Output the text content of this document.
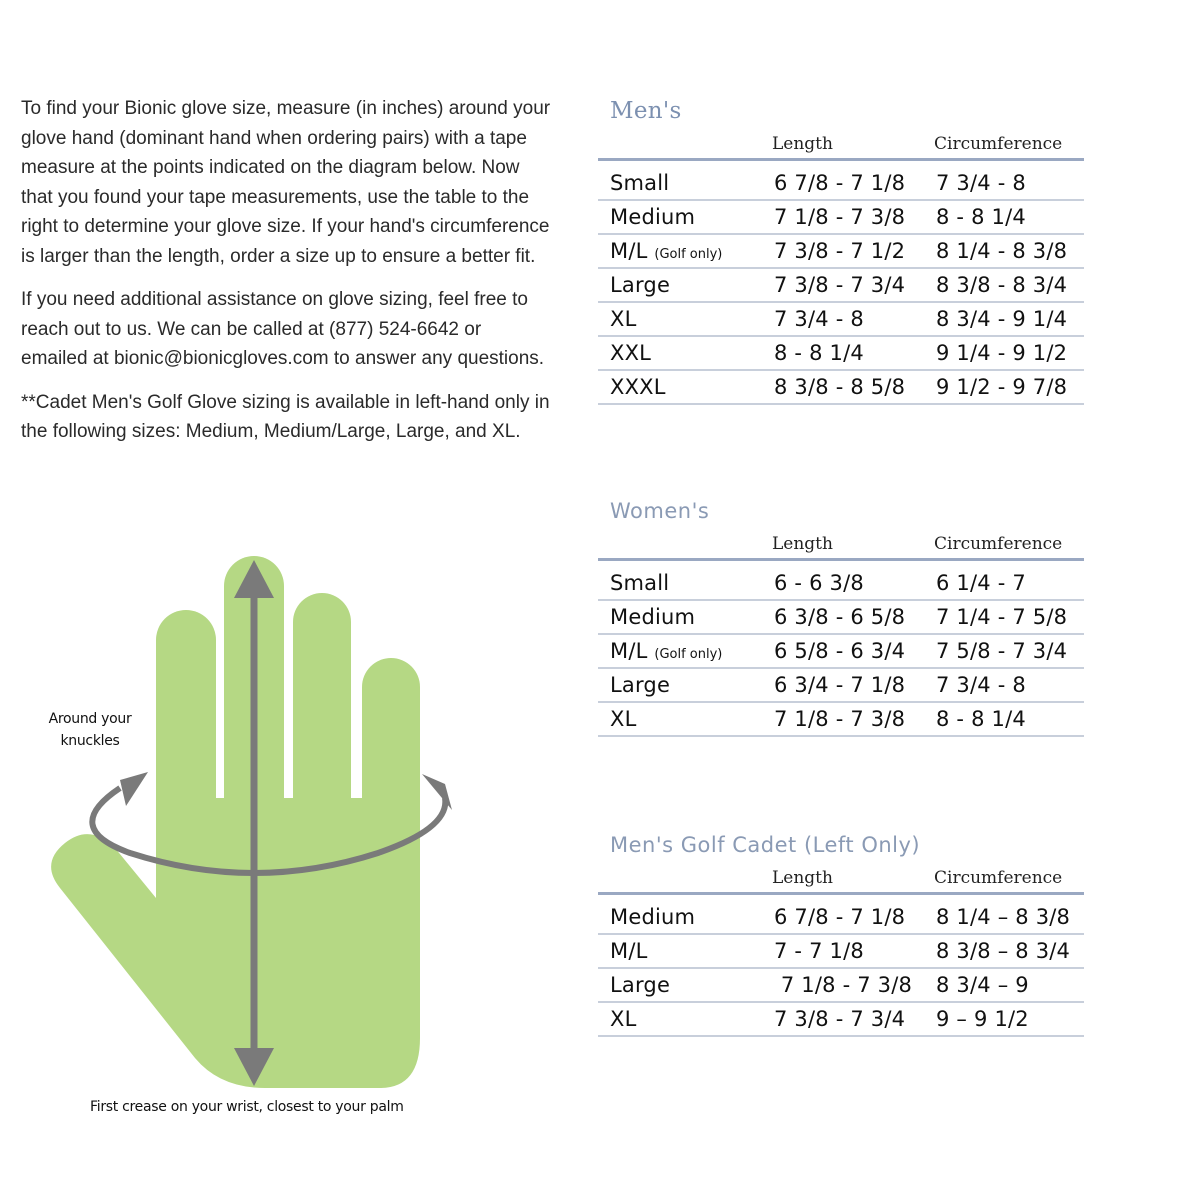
To find your Bionic glove size, measure (in inches) around your glove hand (dominant hand when ordering pairs) with a tape measure at the points indicated on the diagram below. Now that you found your tape measurements, use the table to the right to determine your glove size. If your hand's circumference is larger than the length, order a size up to ensure a better fit.

If you need additional assistance on glove sizing, feel free to reach out to us. We can be called at (877) 524-6642 or emailed at bionic@bionicgloves.com to answer any questions.

**Cadet Men's Golf Glove sizing is available in left-hand only in the following sizes: Medium, Medium/Large, Large, and XL.

Around your
knuckles
First crease on your wrist, closest to your palm
Men's
Length	Circumference
Small	6 7/8 - 7 1/8	7 3/4 - 8
Medium	7 1/8 - 7 3/8	8 - 8 1/4
M/L (Golf only)	7 3/8 - 7 1/2	8 1/4 - 8 3/8
Large	7 3/8 - 7 3/4	8 3/8 - 8 3/4
XL	7 3/4 - 8	8 3/4 - 9 1/4
XXL	8 - 8 1/4	9 1/4 - 9 1/2
XXXL	8 3/8 - 8 5/8	9 1/2 - 9 7/8
Women's
Length	Circumference
Small	6 - 6 3/8	6 1/4 - 7
Medium	6 3/8 - 6 5/8	7 1/4 - 7 5/8
M/L (Golf only)	6 5/8 - 6 3/4	7 5/8 - 7 3/4
Large	6 3/4 - 7 1/8	7 3/4 - 8
XL	7 1/8 - 7 3/8	8 - 8 1/4
Men's Golf Cadet (Left Only)
Length	Circumference
Medium	6 7/8 - 7 1/8	8 1/4 – 8 3/8
M/L	7 - 7 1/8	8 3/8 – 8 3/4
Large	7 1/8 - 7 3/8	8 3/4 – 9
XL	7 3/8 - 7 3/4	9 – 9 1/2
